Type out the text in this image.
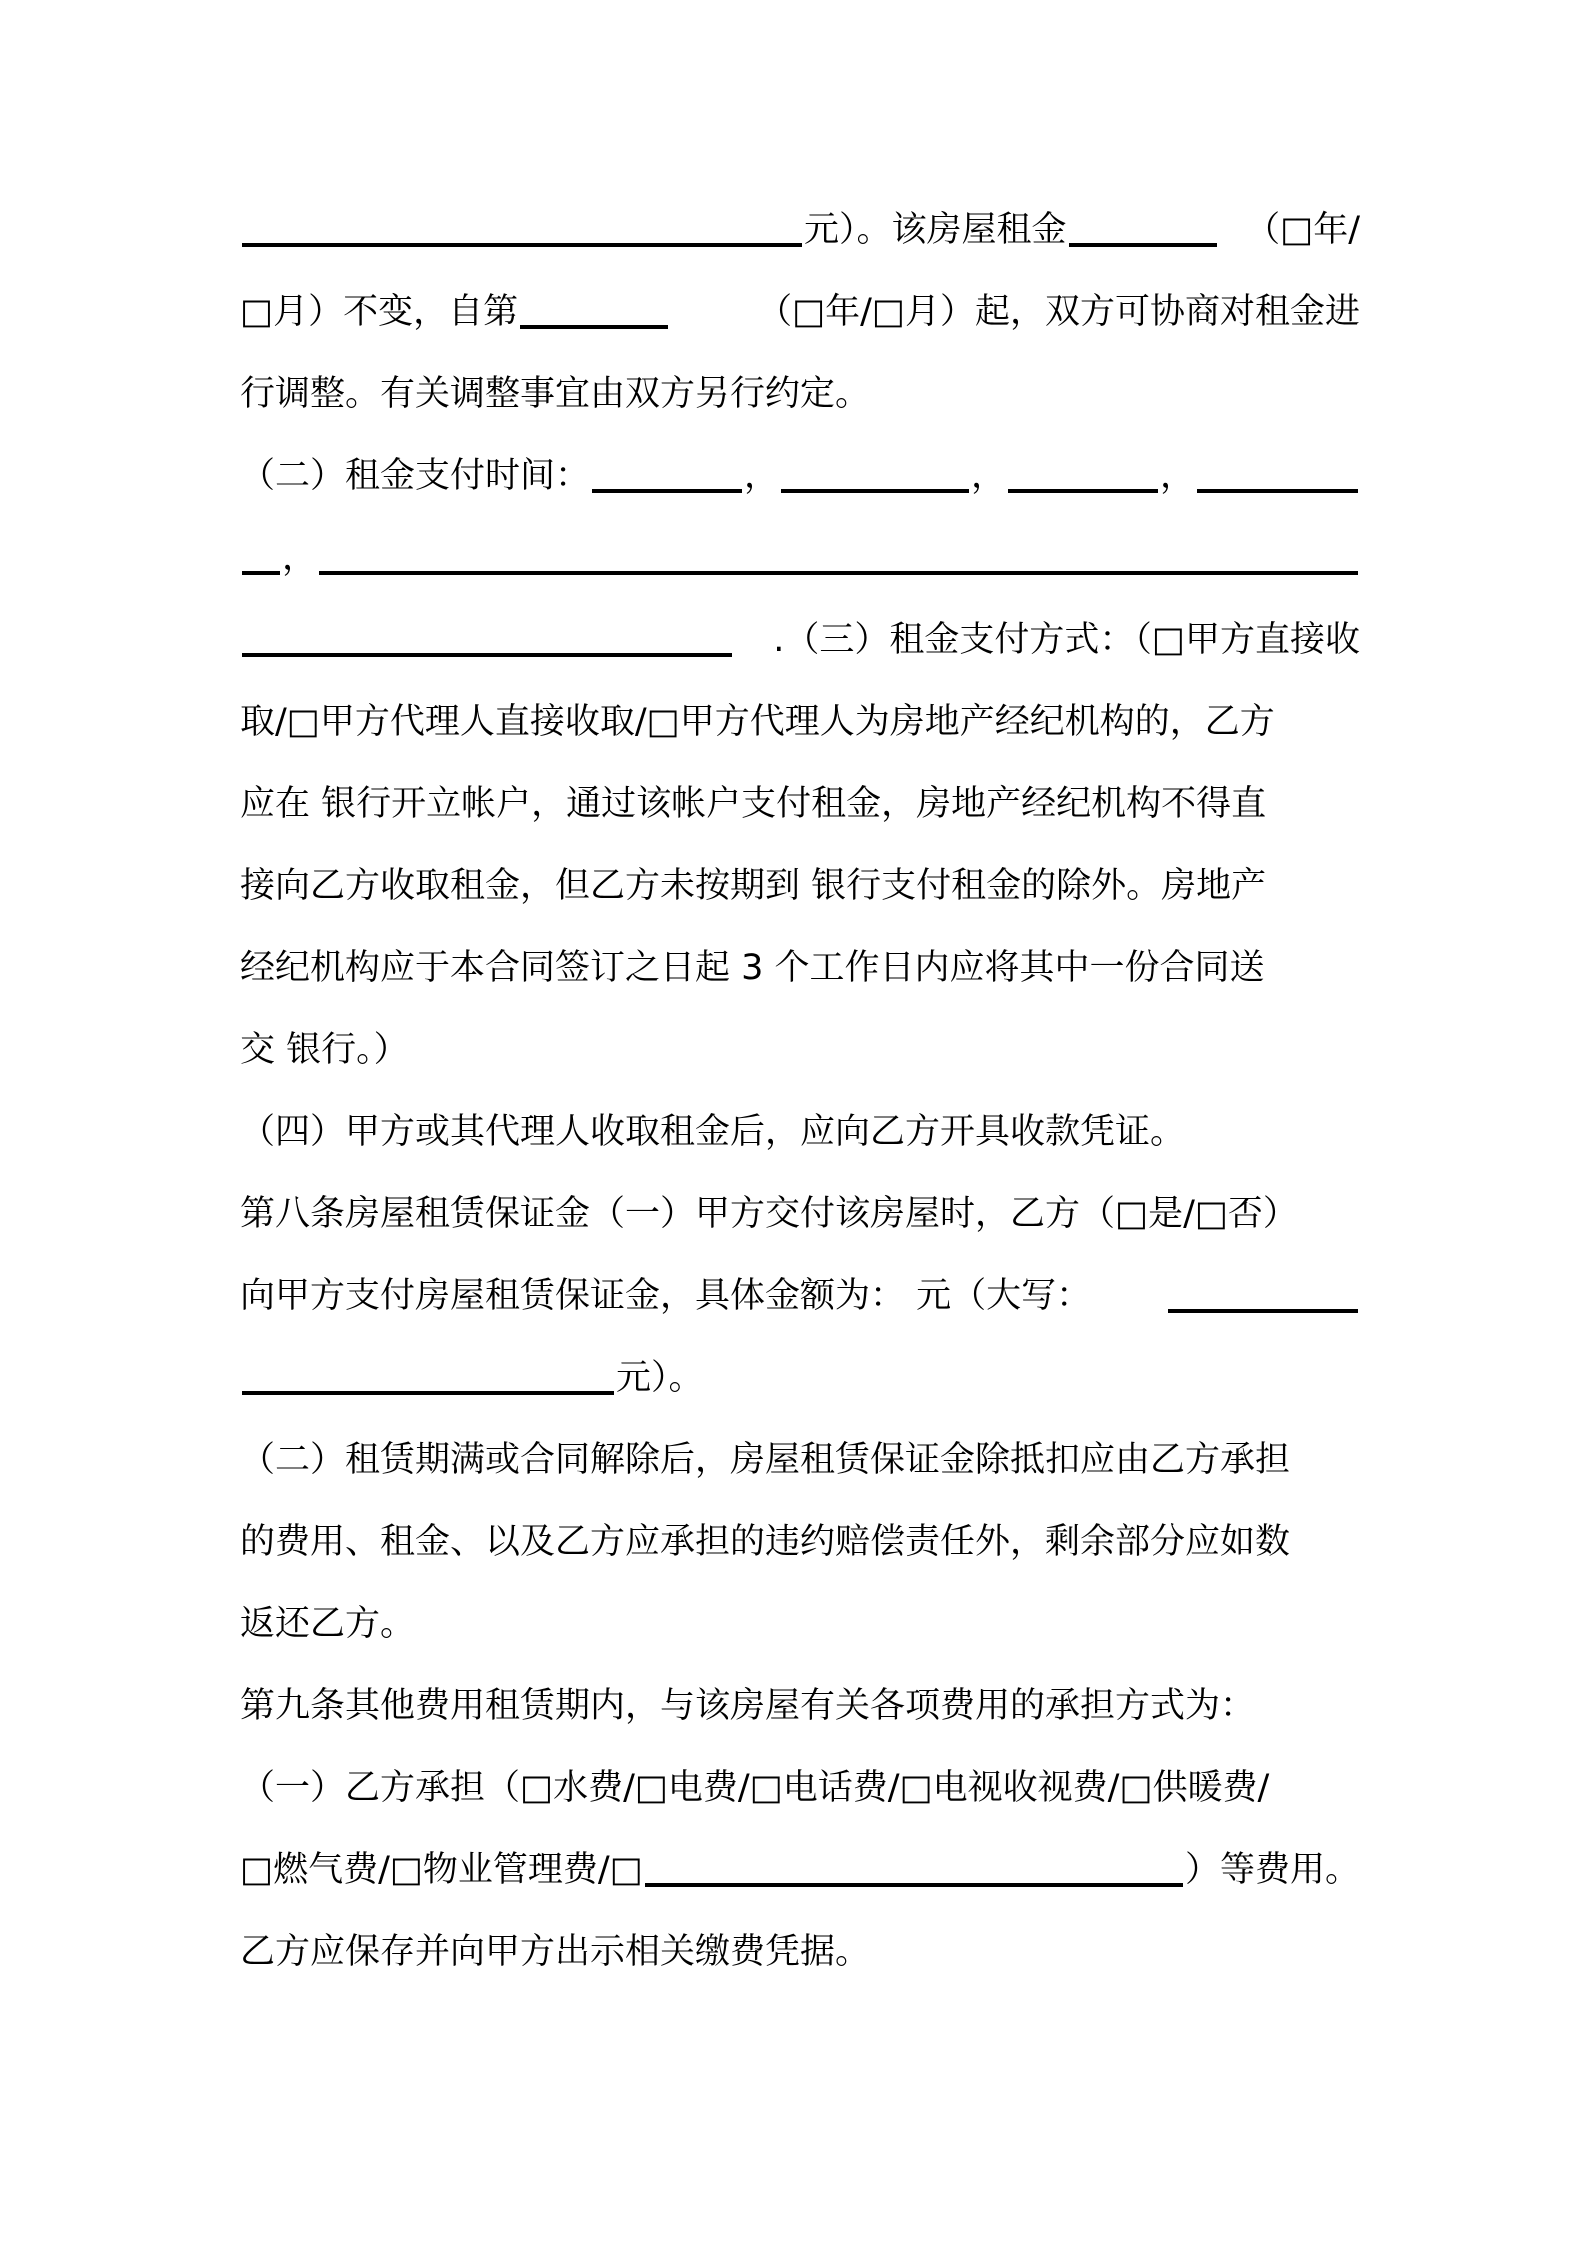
元）。该房屋租金	（□年/
□月）不变，自第	（□年/□月）起，双方可协商对租金进
行调整。有关调整事宜由双方另行约定。
（二）租金支付时间：	，	，	，
，
.（三）租金支付方式：（□甲方直接收
取/□甲方代理人直接收取/□甲方代理人为房地产经纪机构的，乙方
应在 银行开立帐户，通过该帐户支付租金，房地产经纪机构不得直
接向乙方收取租金，但乙方未按期到 银行支付租金的除外。房地产
经纪机构应于本合同签订之日起 3 个工作日内应将其中一份合同送
交 银行。）
（四）甲方或其代理人收取租金后，应向乙方开具收款凭证。
第八条房屋租赁保证金（一）甲方交付该房屋时，乙方（□是/□否）
向甲方支付房屋租赁保证金，具体金额为： 元（大写：
元）。
（二）租赁期满或合同解除后，房屋租赁保证金除抵扣应由乙方承担
的费用、租金、以及乙方应承担的违约赔偿责任外，剩余部分应如数
返还乙方。
第九条其他费用租赁期内，与该房屋有关各项费用的承担方式为：
（一）乙方承担（□水费/□电费/□电话费/□电视收视费/□供暖费/
□燃气费/□物业管理费/□	）等费用。
乙方应保存并向甲方出示相关缴费凭据。
